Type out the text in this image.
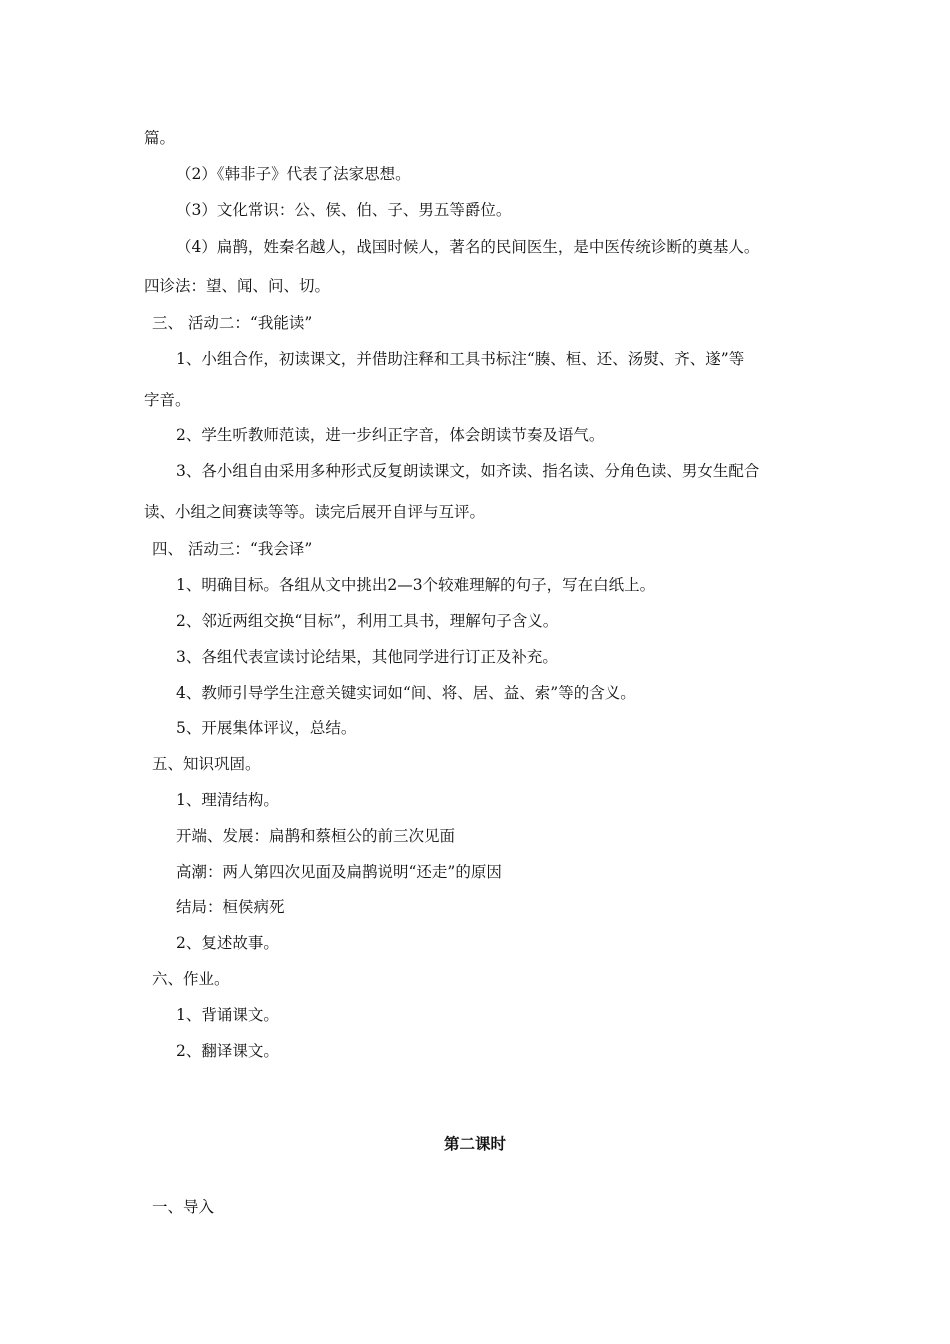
篇。
（2）《韩非子》代表了法家思想。
（3）文化常识：公、侯、伯、子、男五等爵位。
（4）扁鹊，姓秦名越人，战国时候人，著名的民间医生，是中医传统诊断的奠基人。
四诊法：望、闻、问、切。
三、 活动二：“我能读”
1、小组合作，初读课文，并借助注释和工具书标注“腠、桓、还、汤熨、齐、遂”等
字音。
2、学生听教师范读，进一步纠正字音，体会朗读节奏及语气。
3、各小组自由采用多种形式反复朗读课文，如齐读、指名读、分角色读、男女生配合
读、小组之间赛读等等。读完后展开自评与互评。
四、 活动三：“我会译”
1、明确目标。各组从文中挑出2—3个较难理解的句子，写在白纸上。
2、邻近两组交换“目标”，利用工具书，理解句子含义。
3、各组代表宣读讨论结果，其他同学进行订正及补充。
4、教师引导学生注意关键实词如“间、将、居、益、索”等的含义。
5、开展集体评议，总结。
五、知识巩固。
1、理清结构。
开端、发展：扁鹊和蔡桓公的前三次见面
高潮：两人第四次见面及扁鹊说明“还走”的原因
结局：桓侯病死
2、复述故事。
六、作业。
1、背诵课文。
2、翻译课文。
第二课时
一、导入
